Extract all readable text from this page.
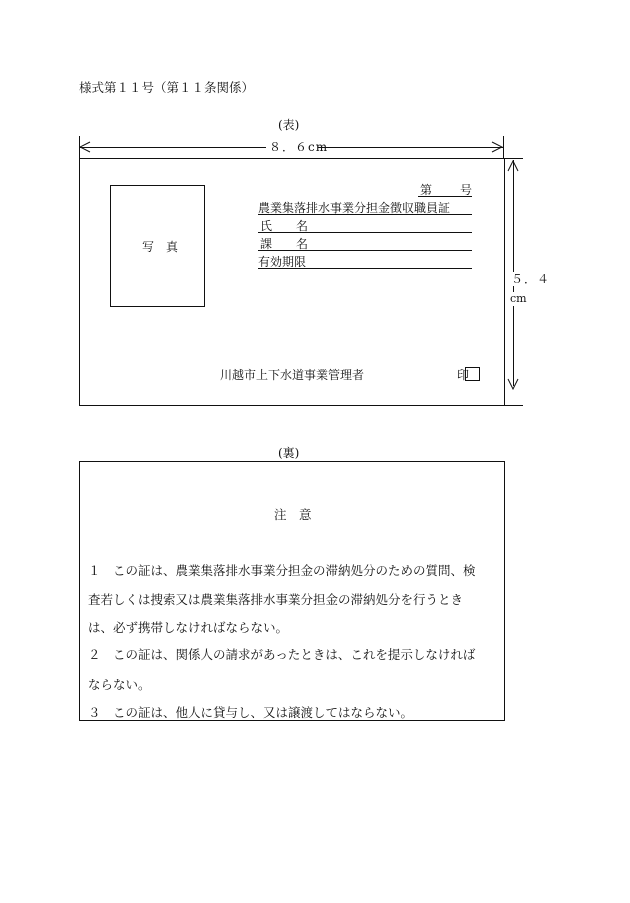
様式第１１号（第１１条関係）
(表)
８．６cm
５．４
cm
写　真
第 号
農業集落排水事業分担金徴収職員証
氏　　名
課　　名
有効期限
川越市上下水道事業管理者	印
(裏)
注　意
１　この証は、農業集落排水事業分担金の滞納処分のための質問、検
査若しくは捜索又は農業集落排水事業分担金の滞納処分を行うとき
は、必ず携帯しなければならない。
２　この証は、関係人の請求があったときは、これを提示しなければ
ならない。
３　この証は、他人に貸与し、又は譲渡してはならない。
